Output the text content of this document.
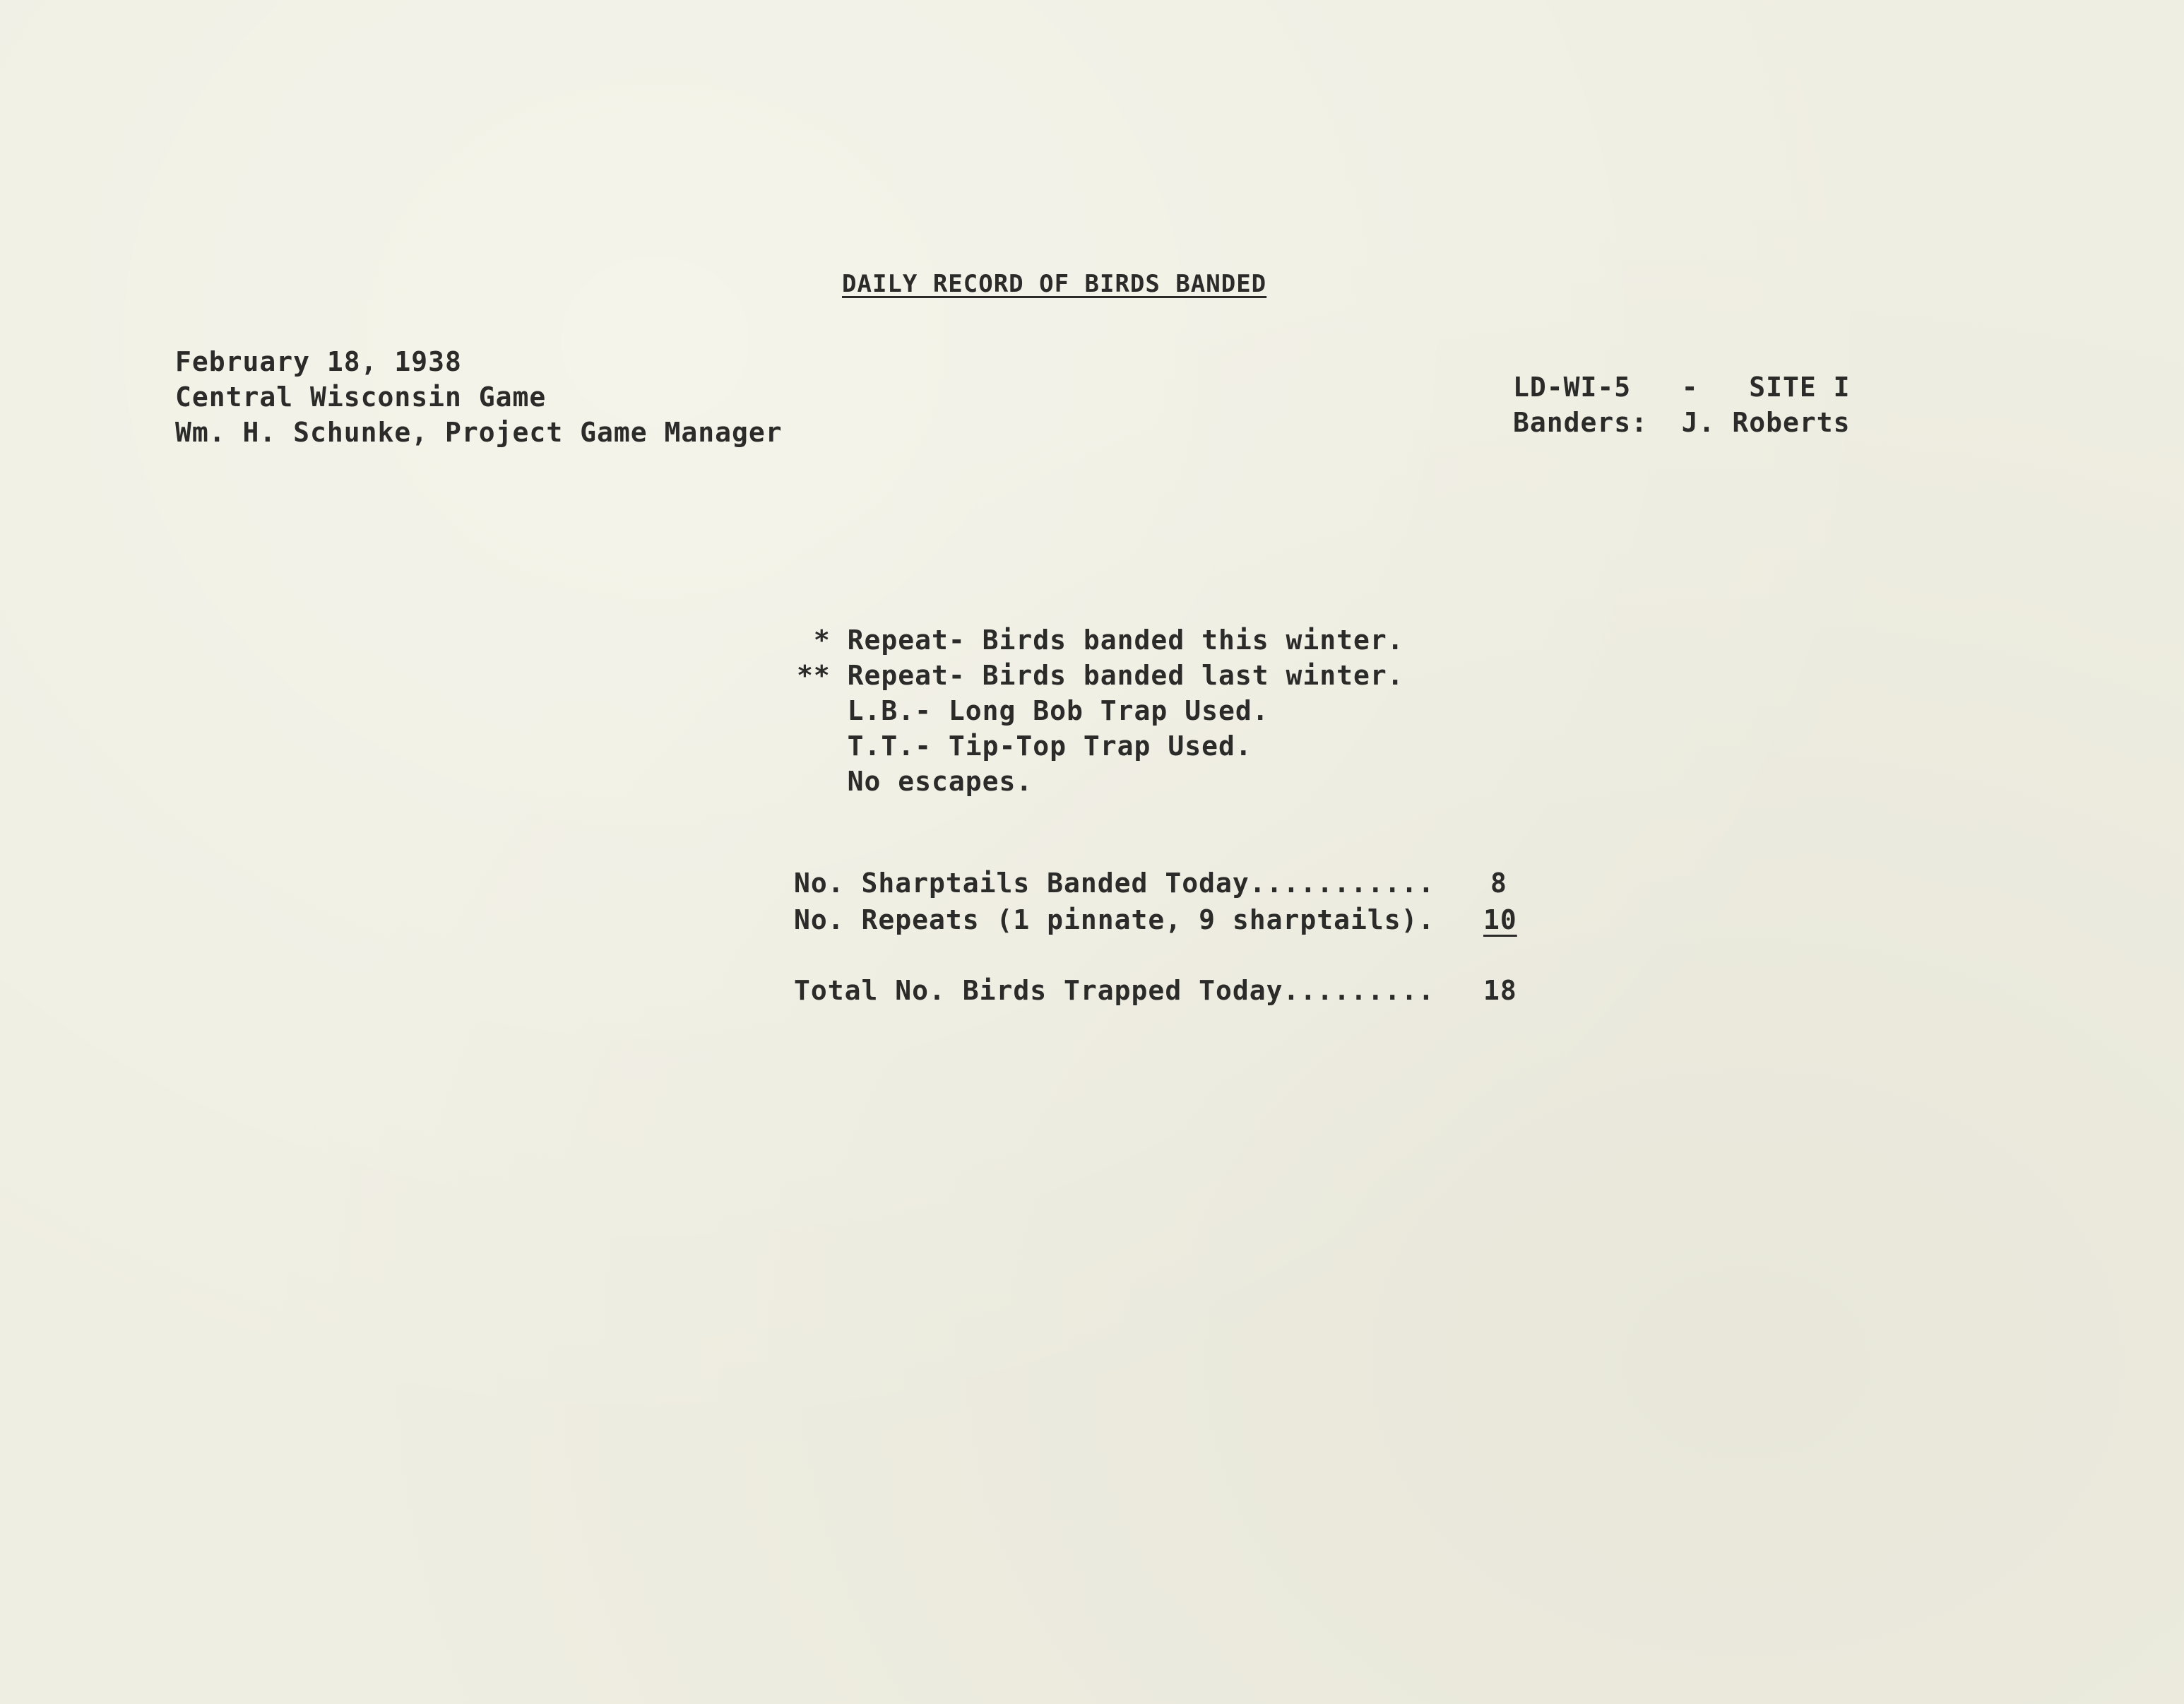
DAILY RECORD OF BIRDS BANDED
February 18, 1938
Central Wisconsin Game
Wm. H. Schunke, Project Game Manager
LD-WI-5   -   SITE I
Banders:  J. Roberts
* Repeat- Birds banded this winter.
** Repeat- Birds banded last winter.
L.B.- Long Bob Trap Used.
T.T.- Tip-Top Trap Used.
No escapes.
No. Sharptails Banded Today........... 8
No. Repeats (1 pinnate, 9 sharptails). 10
Total No. Birds Trapped Today......... 18
